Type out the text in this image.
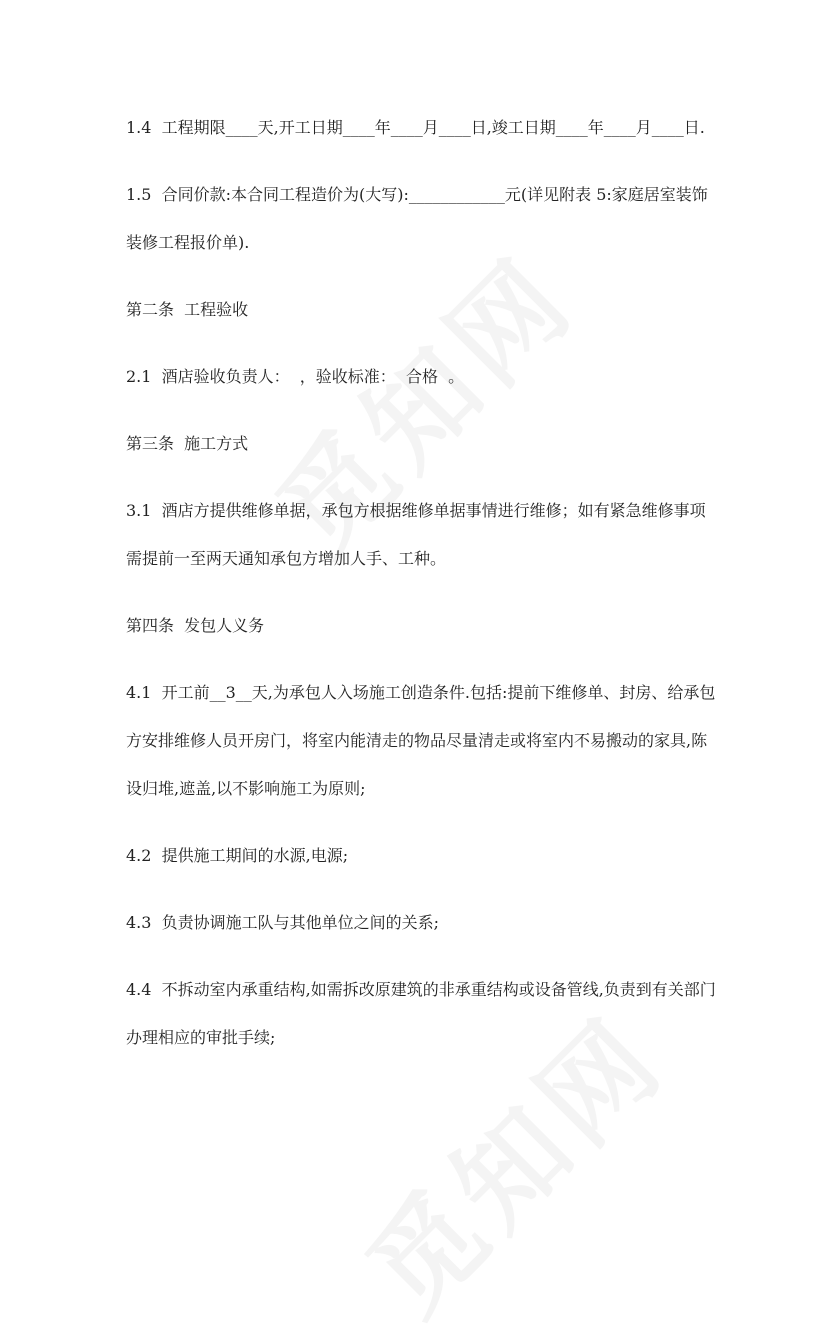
1.4  工程期限____天,开工日期____年____月____日,竣工日期____年____月____日.

1.5  合同价款:本合同工程造价为(大写):____________元(详见附表 5:家庭居室装饰装修工程报价单).

第二条  工程验收

2.1  酒店验收负责人：  ，验收标准：  合格  。

第三条  施工方式

3.1  酒店方提供维修单据，承包方根据维修单据事情进行维修；如有紧急维修事项需提前一至两天通知承包方增加人手、工种。

第四条  发包人义务

4.1  开工前__3__天,为承包人入场施工创造条件.包括:提前下维修单、封房、给承包方安排维修人员开房门，将室内能清走的物品尽量清走或将室内不易搬动的家具,陈设归堆,遮盖,以不影响施工为原则;

4.2  提供施工期间的水源,电源;

4.3  负责协调施工队与其他单位之间的关系;

4.4  不拆动室内承重结构,如需拆改原建筑的非承重结构或设备管线,负责到有关部门办理相应的审批手续;
